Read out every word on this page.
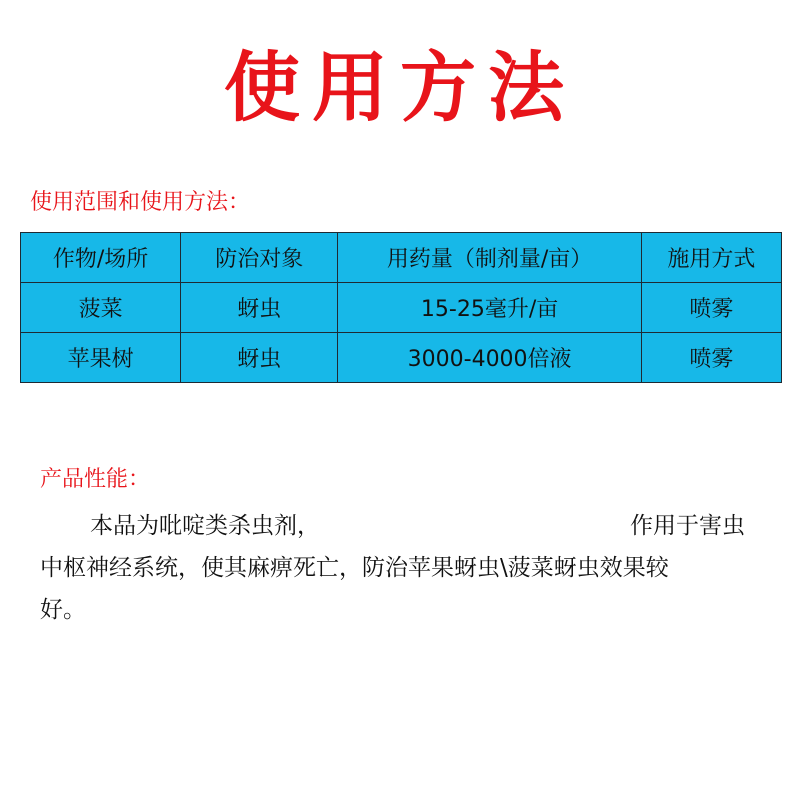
使用方法
使用范围和使用方法：
作物/场所	防治对象	用药量（制剂量/亩）	施用方式
菠菜	蚜虫	15-25毫升/亩	喷雾
苹果树	蚜虫	3000-4000倍液	喷雾
产品性能：
本品为吡啶类杀虫剂，	作用于害虫
中枢神经系统，使其麻痹死亡，防治苹果蚜虫\菠菜蚜虫效果较
好。
